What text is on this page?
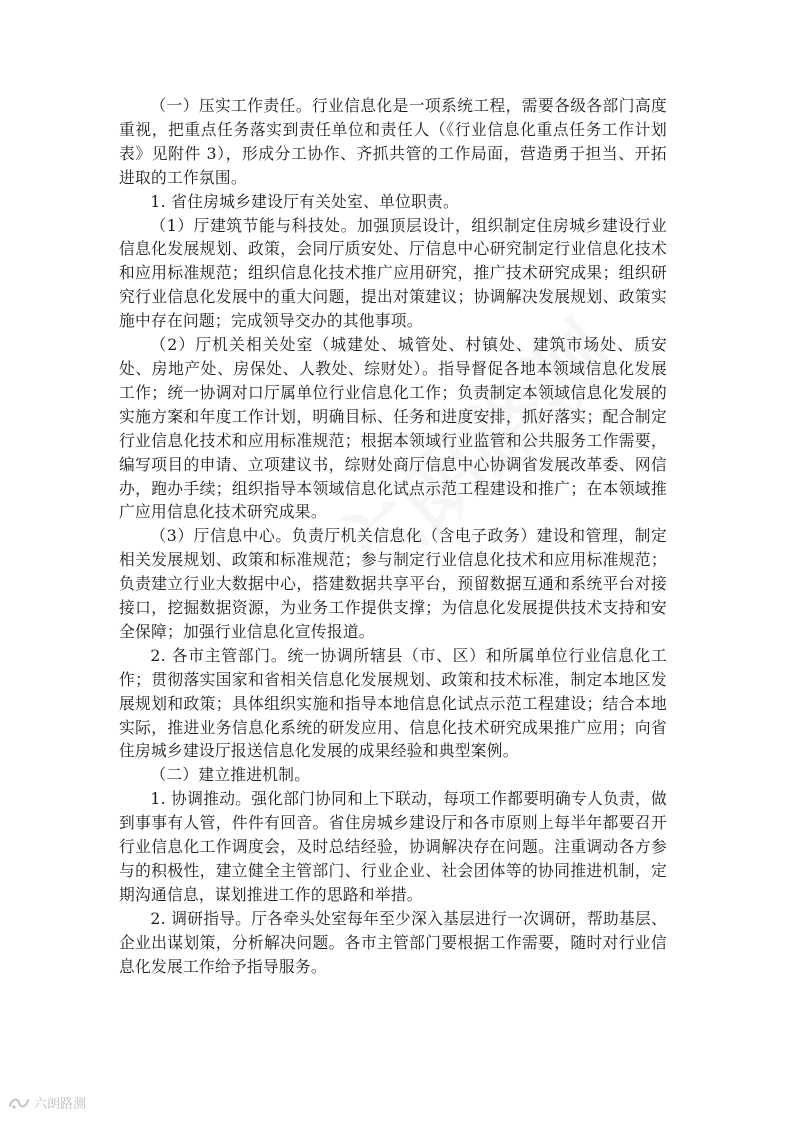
（一）压实工作责任。行业信息化是一项系统工程，需要各级各部门高度重视，把重点任务落实到责任单位和责任人（《行业信息化重点任务工作计划表》见附件 3），形成分工协作、齐抓共管的工作局面，营造勇于担当、开拓进取的工作氛围。

1. 省住房城乡建设厅有关处室、单位职责。

（1）厅建筑节能与科技处。加强顶层设计，组织制定住房城乡建设行业信息化发展规划、政策，会同厅质安处、厅信息中心研究制定行业信息化技术和应用标准规范；组织信息化技术推广应用研究，推广技术研究成果；组织研究行业信息化发展中的重大问题，提出对策建议；协调解决发展规划、政策实施中存在问题；完成领导交办的其他事项。

（2）厅机关相关处室（城建处、城管处、村镇处、建筑市场处、质安处、房地产处、房保处、人教处、综财处）。指导督促各地本领域信息化发展工作；统一协调对口厅属单位行业信息化工作；负责制定本领域信息化发展的实施方案和年度工作计划，明确目标、任务和进度安排，抓好落实；配合制定行业信息化技术和应用标准规范；根据本领域行业监管和公共服务工作需要，编写项目的申请、立项建议书，综财处商厅信息中心协调省发展改革委、网信办，跑办手续；组织指导本领域信息化试点示范工程建设和推广；在本领域推广应用信息化技术研究成果。

（3）厅信息中心。负责厅机关信息化（含电子政务）建设和管理，制定相关发展规划、政策和标准规范；参与制定行业信息化技术和应用标准规范；负责建立行业大数据中心，搭建数据共享平台，预留数据互通和系统平台对接接口，挖掘数据资源，为业务工作提供支撑；为信息化发展提供技术支持和安全保障；加强行业信息化宣传报道。

2. 各市主管部门。统一协调所辖县（市、区）和所属单位行业信息化工作；贯彻落实国家和省相关信息化发展规划、政策和技术标准，制定本地区发展规划和政策；具体组织实施和指导本地信息化试点示范工程建设；结合本地实际，推进业务信息化系统的研发应用、信息化技术研究成果推广应用；向省住房城乡建设厅报送信息化发展的成果经验和典型案例。

（二）建立推进机制。

1. 协调推动。强化部门协同和上下联动，每项工作都要明确专人负责，做到事事有人管，件件有回音。省住房城乡建设厅和各市原则上每半年都要召开行业信息化工作调度会，及时总结经验，协调解决存在问题。注重调动各方参与的积极性，建立健全主管部门、行业企业、社会团体等的协同推进机制，定期沟通信息，谋划推进工作的思路和举措。

2. 调研指导。厅各牵头处室每年至少深入基层进行一次调研，帮助基层、企业出谋划策，分析解决问题。各市主管部门要根据工作需要，随时对行业信息化发展工作给予指导服务。

六朗路测
